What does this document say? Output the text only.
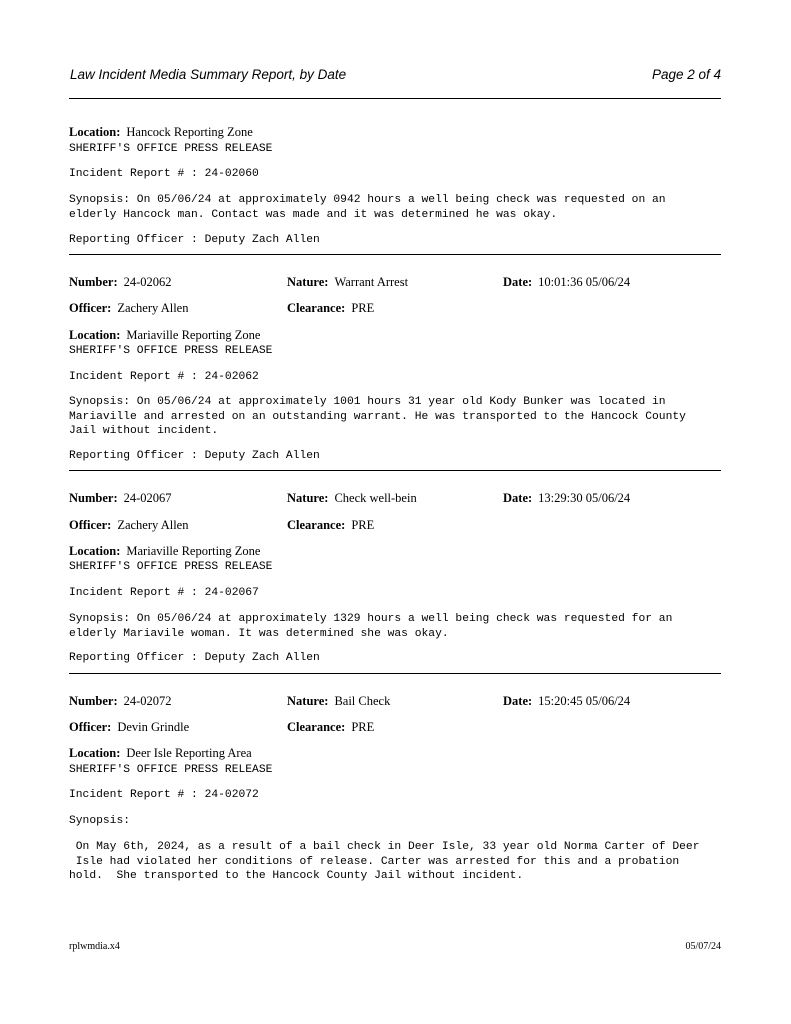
Law Incident Media Summary Report, by Date	Page 2 of 4
Location: Hancock Reporting Zone
SHERIFF'S OFFICE PRESS RELEASE
Incident Report # : 24-02060
Synopsis: On 05/06/24 at approximately 0942 hours a well being check was requested on an
elderly Hancock man. Contact was made and it was determined he was okay.
Reporting Officer : Deputy Zach Allen
Number: 24-02062	Nature: Warrant Arrest	Date: 10:01:36 05/06/24
Officer: Zachery Allen	Clearance: PRE
Location: Mariaville Reporting Zone
SHERIFF'S OFFICE PRESS RELEASE
Incident Report # : 24-02062
Synopsis: On 05/06/24 at approximately 1001 hours 31 year old Kody Bunker was located in
Mariaville and arrested on an outstanding warrant. He was transported to the Hancock County
Jail without incident.
Reporting Officer : Deputy Zach Allen
Number: 24-02067	Nature: Check well-bein	Date: 13:29:30 05/06/24
Officer: Zachery Allen	Clearance: PRE
Location: Mariaville Reporting Zone
SHERIFF'S OFFICE PRESS RELEASE
Incident Report # : 24-02067
Synopsis: On 05/06/24 at approximately 1329 hours a well being check was requested for an
elderly Mariavile woman. It was determined she was okay.
Reporting Officer : Deputy Zach Allen
Number: 24-02072	Nature: Bail Check	Date: 15:20:45 05/06/24
Officer: Devin Grindle	Clearance: PRE
Location: Deer Isle Reporting Area
SHERIFF'S OFFICE PRESS RELEASE
Incident Report # : 24-02072
Synopsis:
On May 6th, 2024, as a result of a bail check in Deer Isle, 33 year old Norma Carter of Deer
Isle had violated her conditions of release. Carter was arrested for this and a probation
hold.  She transported to the Hancock County Jail without incident.
rplwmdia.x4	05/07/24
